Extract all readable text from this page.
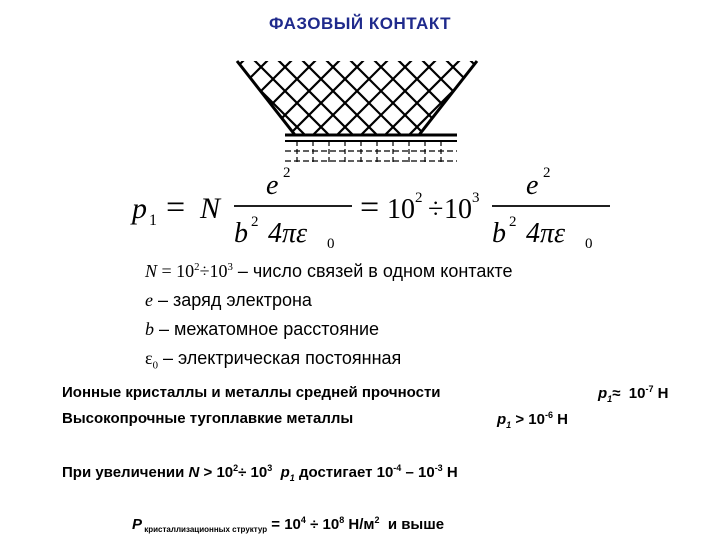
ФАЗОВЫЙ КОНТАКТ
p 1 = N
e 2
b 2 4πε 0
= 10 2 ÷ 10 3 e 2
b 2 4πε 0
$N = 10^2\div 10^3$ – число связей в одном контакте
e – заряд электрона
b – межатомное расстояние
$\varepsilon_0$ – электрическая постоянная
Ионные кристаллы и металлы средней прочности	$p_1\approx 10^{-7}$ Н
Высокопрочные тугоплавкие металлы	$p_1 > 10^{-6}$ Н
При увеличении $N > 10^2\div 10^3$ $p_1$ достигает $10^{-4} - 10^{-3}$ Н
P $_{кристаллизационных структур} = 10^4 \div 10^8$ $Н/м^2$  и выше
